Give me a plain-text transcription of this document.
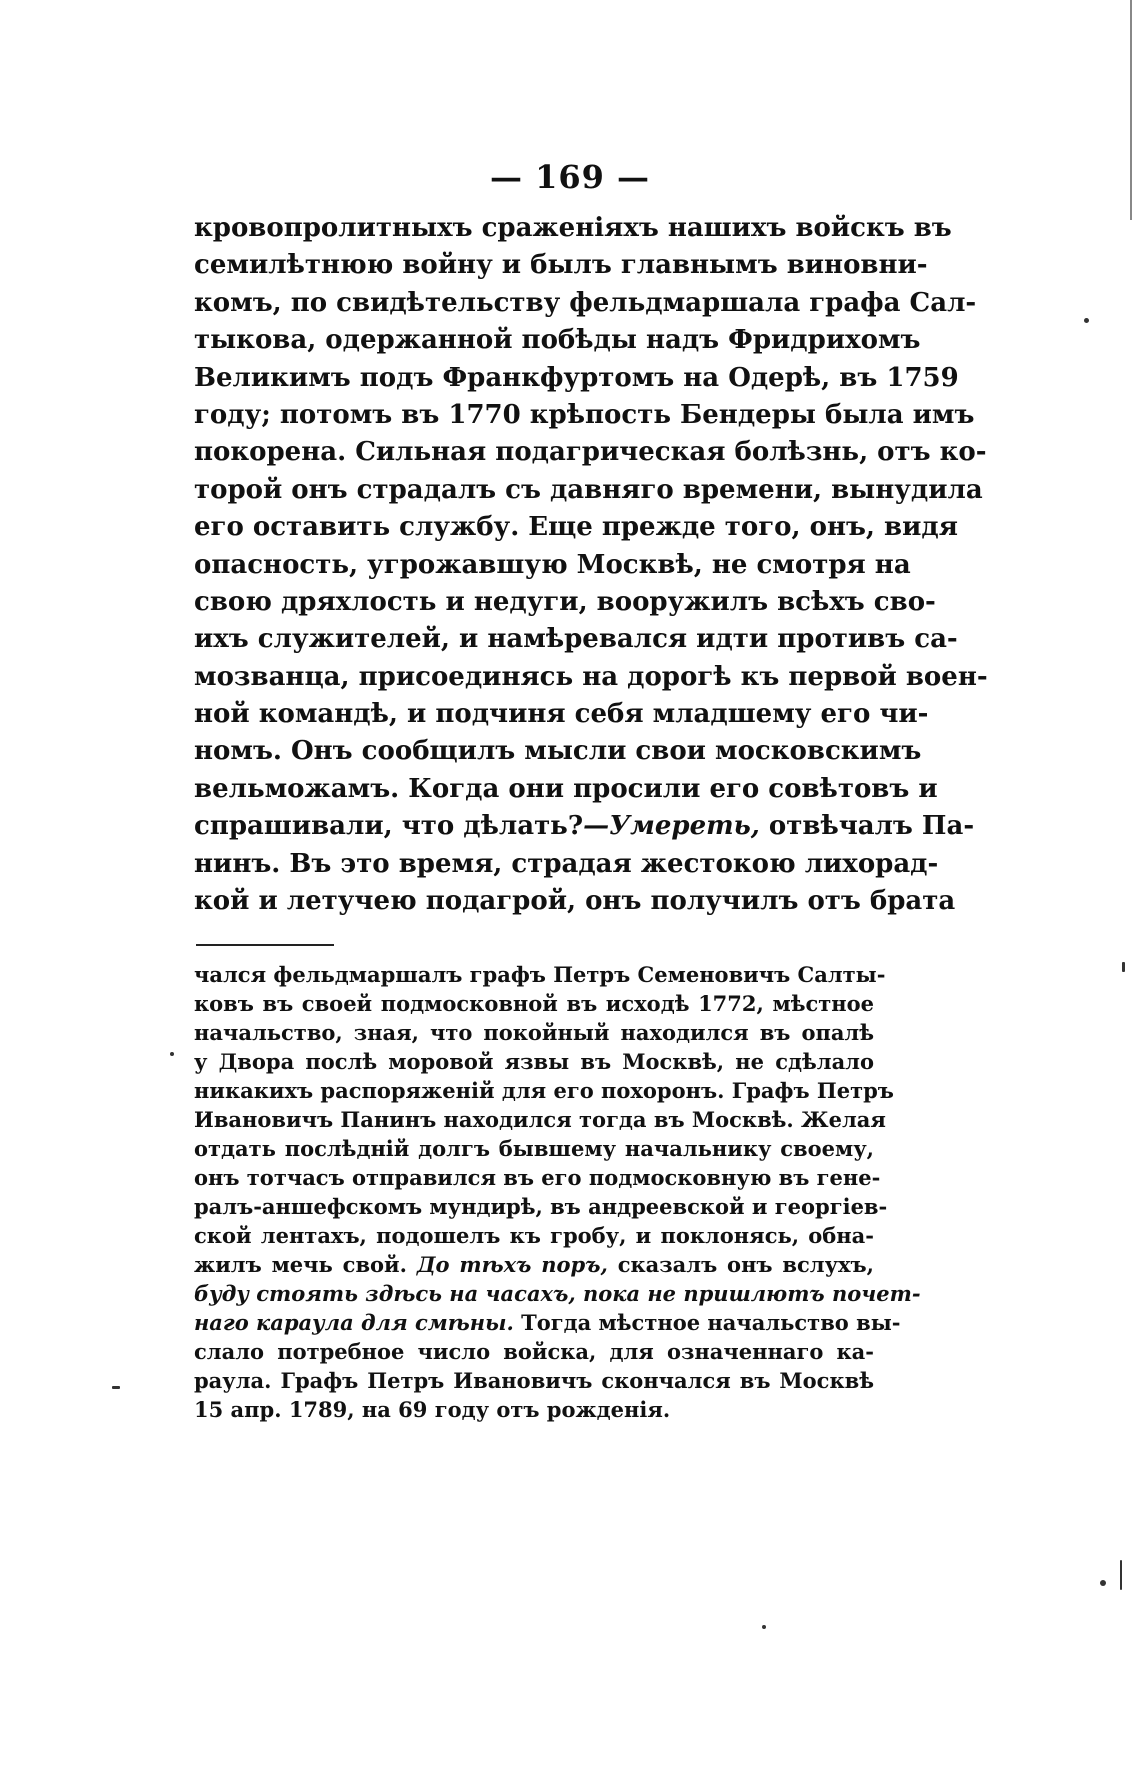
— 169 —
кровопролитныхъ сраженіяхъ нашихъ войскъ въ
семилѣтнюю войну и былъ главнымъ виновни-
комъ, по свидѣтельству фельдмаршала графа Сал-
тыкова, одержанной побѣды надъ Фридрихомъ
Великимъ подъ Франкфуртомъ на Одерѣ, въ 1759
году; потомъ въ 1770 крѣпость Бендеры была имъ
покорена. Сильная подагрическая болѣзнь, отъ ко-
торой онъ страдалъ съ давняго времени, вынудила
его оставить службу. Еще прежде того, онъ, видя
опасность, угрожавшую Москвѣ, не смотря на
свою дряхлость и недуги, вооружилъ всѣхъ сво-
ихъ служителей, и намѣревался идти противъ са-
мозванца, присоединясь на дорогѣ къ первой воен-
ной командѣ, и подчиня себя младшему его чи-
номъ. Онъ сообщилъ мысли свои московскимъ
вельможамъ. Когда они просили его совѣтовъ и
спрашивали, что дѣлать?—Умереть, отвѣчалъ Па-
нинъ. Въ это время, страдая жестокою лихорад-
кой и летучею подагрой, онъ получилъ отъ брата
чался фельдмаршалъ графъ Петръ Семеновичъ Салты-
ковъ въ своей подмосковной въ исходѣ 1772, мѣстное
начальство, зная, что покойный находился въ опалѣ
у Двора послѣ моровой язвы въ Москвѣ, не сдѣлало
никакихъ распоряженій для его похоронъ. Графъ Петръ
Ивановичъ Панинъ находился тогда въ Москвѣ. Желая
отдать послѣдній долгъ бывшему начальнику своему,
онъ тотчасъ отправился въ его подмосковную въ гене-
ралъ-аншефскомъ мундирѣ, въ андреевской и георгіев-
ской лентахъ, подошелъ къ гробу, и поклонясь, обна-
жилъ мечь свой. До тѣхъ поръ, сказалъ онъ вслухъ,
буду стоять здѣсь на часахъ, пока не пришлютъ почет-
наго караула для смѣны. Тогда мѣстное начальство вы-
слало потребное число войска, для означеннаго ка-
раула. Графъ Петръ Ивановичъ скончался въ Москвѣ
15 апр. 1789, на 69 году отъ рожденія.
